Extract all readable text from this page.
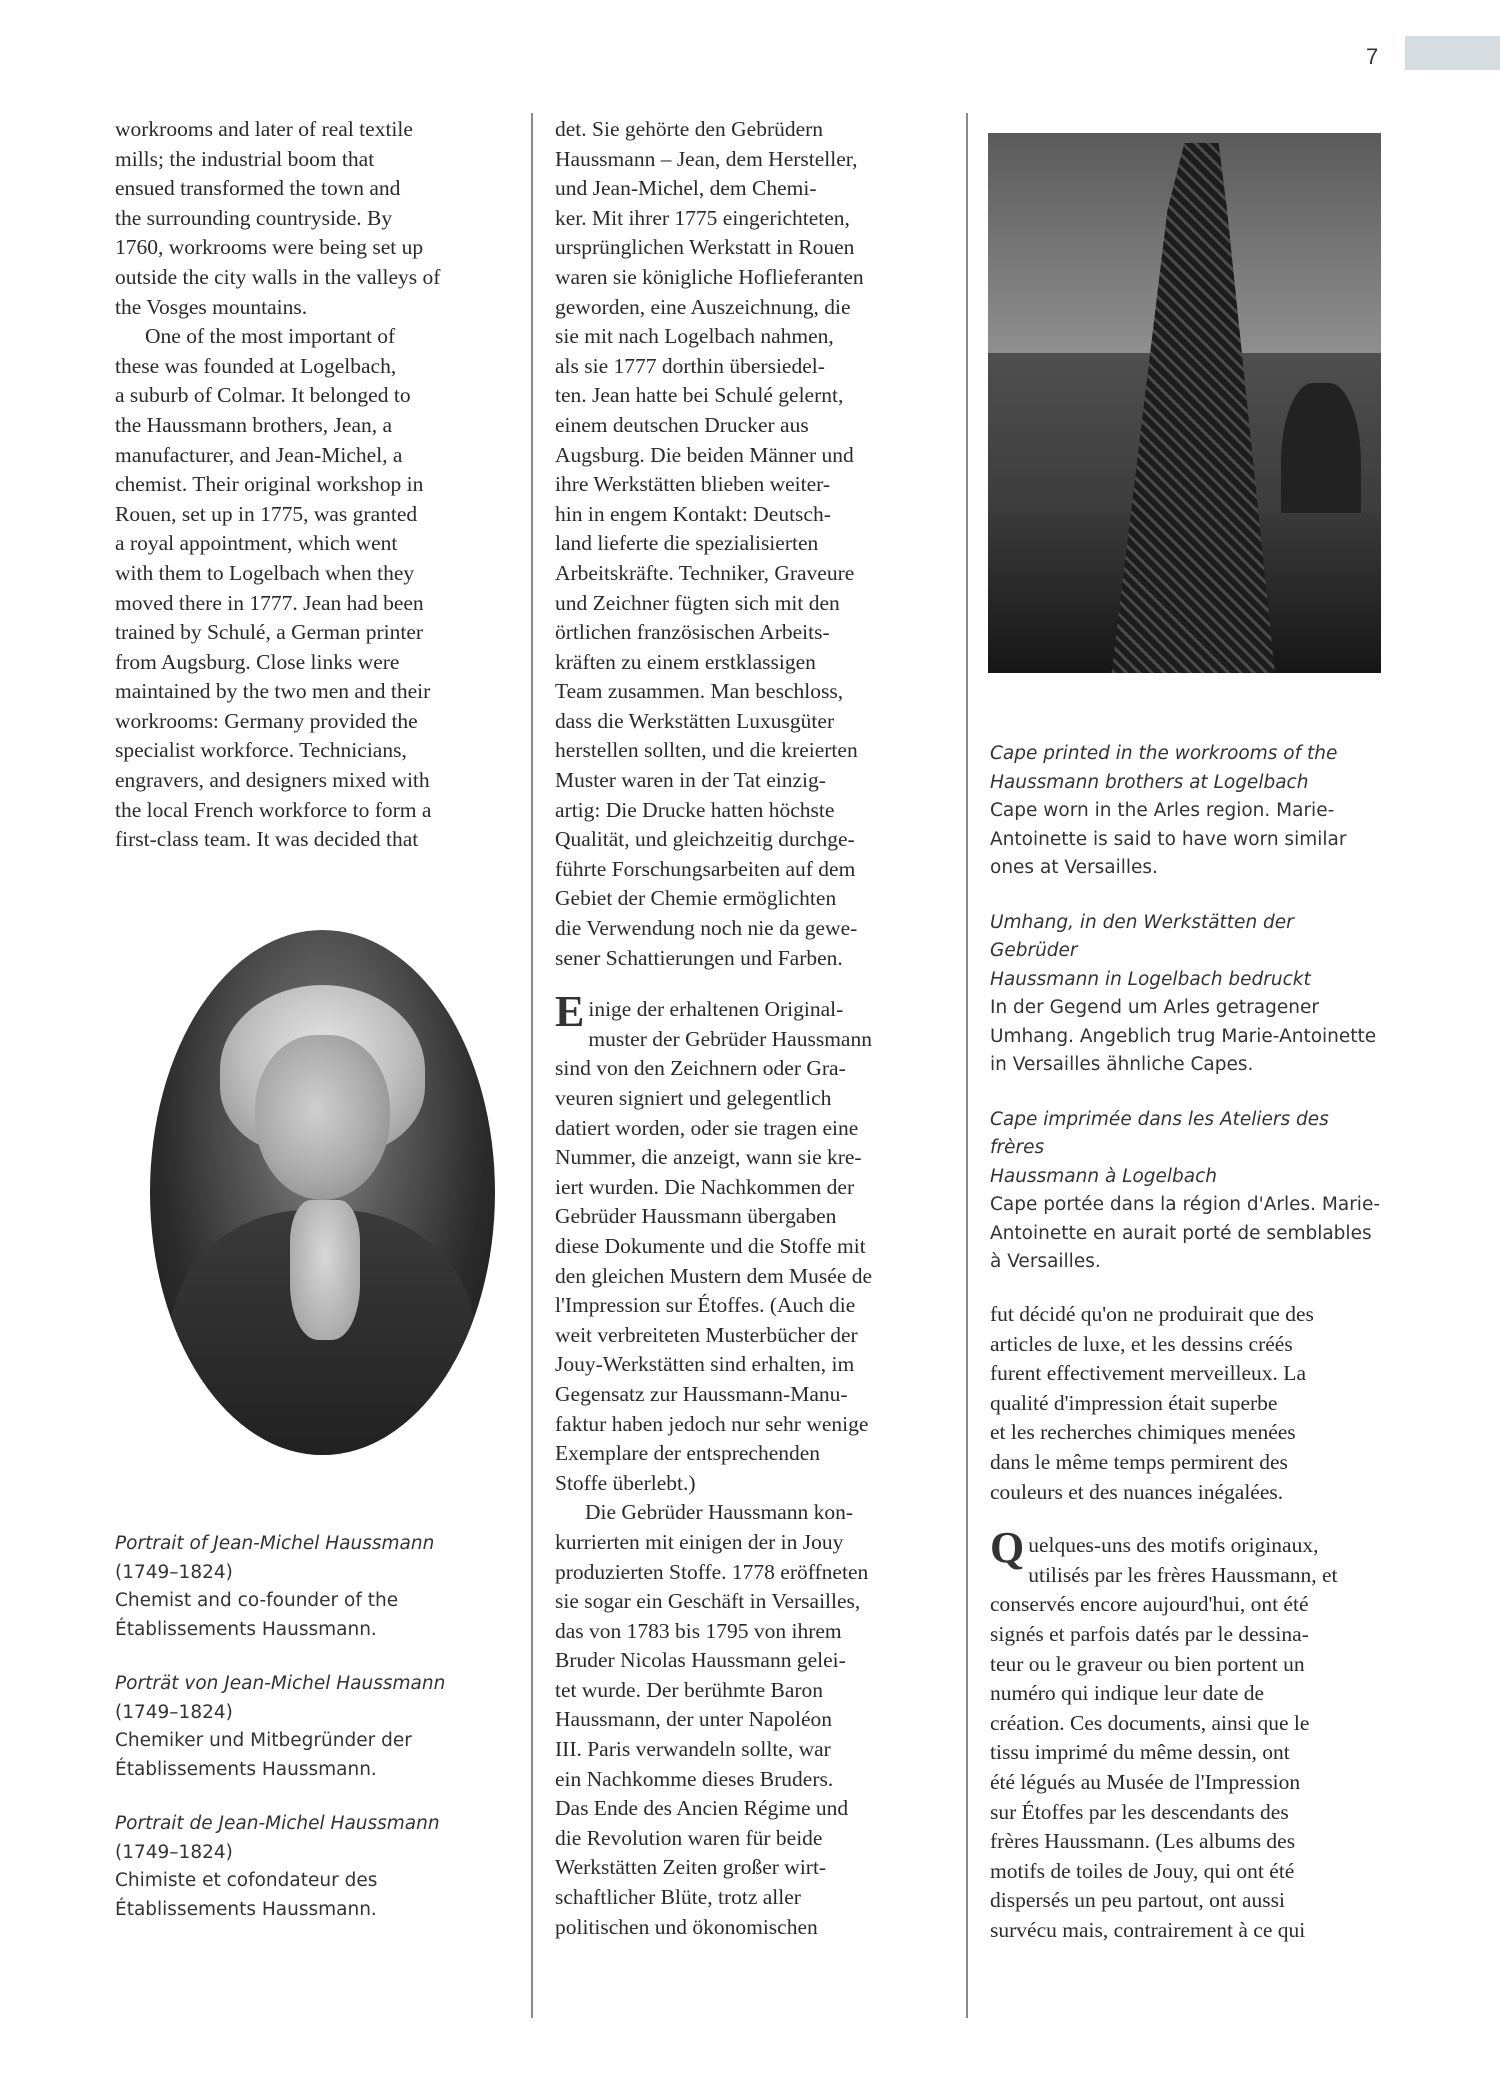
7

workrooms and later of real textile

mills; the industrial boom that

ensued transformed the town and

the surrounding countryside. By

1760, workrooms were being set up

outside the city walls in the valleys of

the Vosges mountains.

One of the most important of

these was founded at Logelbach,

a suburb of Colmar. It belonged to

the Haussmann brothers, Jean, a

manufacturer, and Jean-Michel, a

chemist. Their original workshop in

Rouen, set up in 1775, was granted

a royal appointment, which went

with them to Logelbach when they

moved there in 1777. Jean had been

trained by Schulé, a German printer

from Augsburg. Close links were

maintained by the two men and their

workrooms: Germany provided the

specialist workforce. Technicians,

engravers, and designers mixed with

the local French workforce to form a

first-class team. It was decided that

Portrait of Jean-Michel Haussmann

(1749–1824)

Chemist and co-founder of the

Établissements Haussmann.

Porträt von Jean-Michel Haussmann

(1749–1824)

Chemiker und Mitbegründer der

Établissements Haussmann.

Portrait de Jean-Michel Haussmann

(1749–1824)

Chimiste et cofondateur des

Établissements Haussmann.

det. Sie gehörte den Gebrüdern

Haussmann – Jean, dem Hersteller,

und Jean-Michel, dem Chemi-

ker. Mit ihrer 1775 eingerichteten,

ursprünglichen Werkstatt in Rouen

waren sie königliche Hoflieferanten

geworden, eine Auszeichnung, die

sie mit nach Logelbach nahmen,

als sie 1777 dorthin übersiedel-

ten. Jean hatte bei Schulé gelernt,

einem deutschen Drucker aus

Augsburg. Die beiden Männer und

ihre Werkstätten blieben weiter-

hin in engem Kontakt: Deutsch-

land lieferte die spezialisierten

Arbeitskräfte. Techniker, Graveure

und Zeichner fügten sich mit den

örtlichen französischen Arbeits-

kräften zu einem erstklassigen

Team zusammen. Man beschloss,

dass die Werkstätten Luxusgüter

herstellen sollten, und die kreierten

Muster waren in der Tat einzig-

artig: Die Drucke hatten höchste

Qualität, und gleichzeitig durchge-

führte Forschungsarbeiten auf dem

Gebiet der Chemie ermöglichten

die Verwendung noch nie da gewe-

sener Schattierungen und Farben.

Einige der erhaltenen Original-

muster der Gebrüder Haussmann

sind von den Zeichnern oder Gra-

veuren signiert und gelegentlich

datiert worden, oder sie tragen eine

Nummer, die anzeigt, wann sie kre-

iert wurden. Die Nachkommen der

Gebrüder Haussmann übergaben

diese Dokumente und die Stoffe mit

den gleichen Mustern dem Musée de

l'Impression sur Étoffes. (Auch die

weit verbreiteten Musterbücher der

Jouy-Werkstätten sind erhalten, im

Gegensatz zur Haussmann-Manu-

faktur haben jedoch nur sehr wenige

Exemplare der entsprechenden

Stoffe überlebt.)

Die Gebrüder Haussmann kon-

kurrierten mit einigen der in Jouy

produzierten Stoffe. 1778 eröffneten

sie sogar ein Geschäft in Versailles,

das von 1783 bis 1795 von ihrem

Bruder Nicolas Haussmann gelei-

tet wurde. Der berühmte Baron

Haussmann, der unter Napoléon

III. Paris verwandeln sollte, war

ein Nachkomme dieses Bruders.

Das Ende des Ancien Régime und

die Revolution waren für beide

Werkstätten Zeiten großer wirt-

schaftlicher Blüte, trotz aller

politischen und ökonomischen

Cape printed in the workrooms of the

Haussmann brothers at Logelbach

Cape worn in the Arles region. Marie-

Antoinette is said to have worn similar

ones at Versailles.

Umhang, in den Werkstätten der Gebrüder

Haussmann in Logelbach bedruckt

In der Gegend um Arles getragener

Umhang. Angeblich trug Marie-Antoinette

in Versailles ähnliche Capes.

Cape imprimée dans les Ateliers des frères

Haussmann à Logelbach

Cape portée dans la région d'Arles. Marie-

Antoinette en aurait porté de semblables

à Versailles.

fut décidé qu'on ne produirait que des

articles de luxe, et les dessins créés

furent effectivement merveilleux. La

qualité d'impression était superbe

et les recherches chimiques menées

dans le même temps permirent des

couleurs et des nuances inégalées.

Quelques-uns des motifs originaux,

utilisés par les frères Haussmann, et

conservés encore aujourd'hui, ont été

signés et parfois datés par le dessina-

teur ou le graveur ou bien portent un

numéro qui indique leur date de

création. Ces documents, ainsi que le

tissu imprimé du même dessin, ont

été légués au Musée de l'Impression

sur Étoffes par les descendants des

frères Haussmann. (Les albums des

motifs de toiles de Jouy, qui ont été

dispersés un peu partout, ont aussi

survécu mais, contrairement à ce qui
